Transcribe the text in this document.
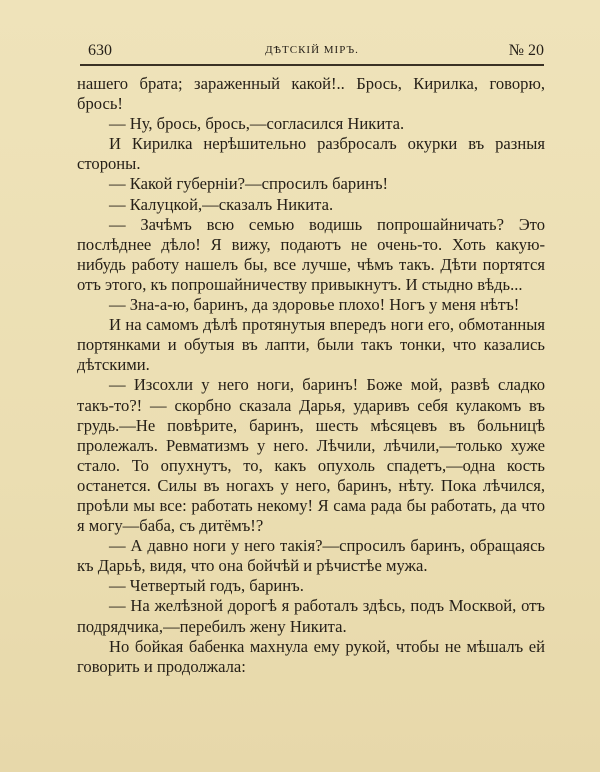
630	ДѢТСКІЙ МІРЪ.	№ 20

нашего брата; зараженный какой!.. Брось, Кирилка, говорю, брось!

— Ну, брось, брось,—согласился Никита.

И Кирилка нерѣшительно разбросалъ окурки въ разныя стороны.

— Какой губерніи?—спросилъ баринъ!

— Калуцкой,—сказалъ Никита.

— Зачѣмъ всю семью водишь попрошайничать? Это послѣднее дѣло! Я вижу, подаютъ не очень-то. Хоть какую-нибудь работу нашелъ бы, все лучше, чѣмъ такъ. Дѣти портятся отъ этого, къ попрошайничеству привыкнутъ. И стыдно вѣдь...

— Зна-а-ю, баринъ, да здоровье плохо! Ногъ у меня нѣтъ!

И на самомъ дѣлѣ протянутыя впередъ ноги его, обмотанныя портянками и обутыя въ лапти, были такъ тонки, что казались дѣтскими.

— Изсохли у него ноги, баринъ! Боже мой, развѣ сладко такъ-то?! — скорбно сказала Дарья, ударивъ себя кулакомъ въ грудь.—Не повѣрите, баринъ, шесть мѣсяцевъ въ больницѣ пролежалъ. Ревматизмъ у него. Лѣчили, лѣчили,—только хуже стало. То опухнутъ, то, какъ опухоль спадетъ,—одна кость останется. Силы въ ногахъ у него, баринъ, нѣту. Пока лѣчился, проѣли мы все: работать некому! Я сама рада бы работать, да что я могу—баба, съ дитёмъ!?

— А давно ноги у него такія?—спросилъ баринъ, обращаясь къ Дарьѣ, видя, что она бойчѣй и рѣчистѣе мужа.

— Четвертый годъ, баринъ.

— На желѣзной дорогѣ я работалъ здѣсь, подъ Москвой, отъ подрядчика,—перебилъ жену Никита.

Но бойкая бабенка махнула ему рукой, чтобы не мѣшалъ ей говорить и продолжала:
